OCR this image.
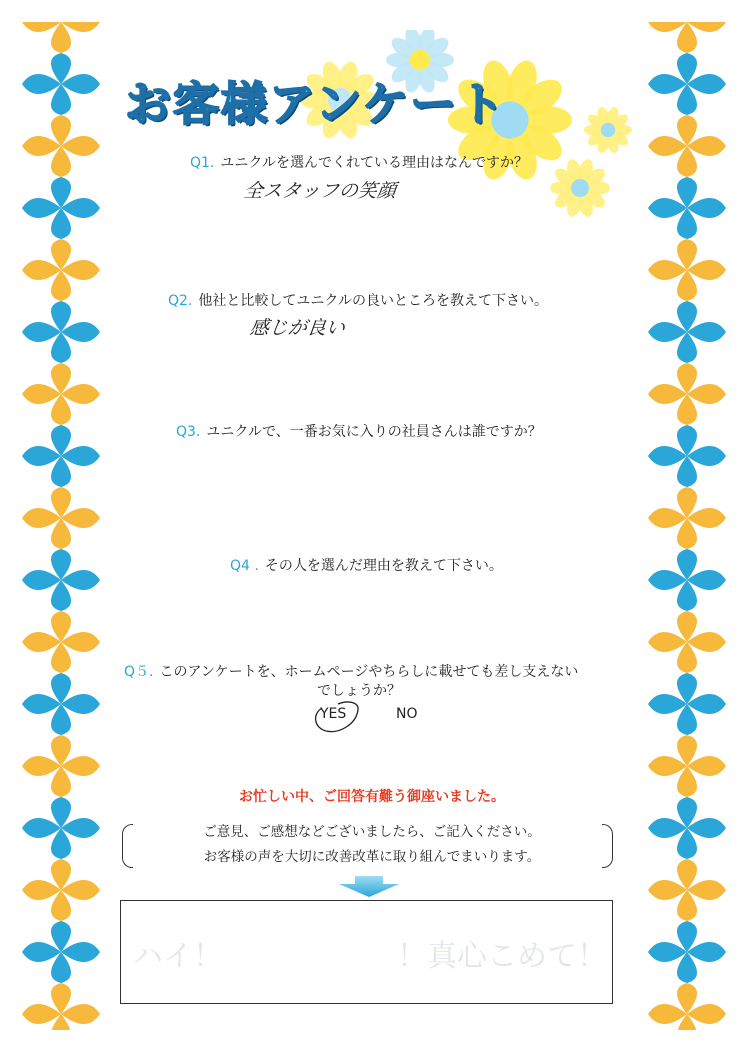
お客様アンケート
Q1. ユニクルを選んでくれている理由はなんですか？
全スタッフの笑顔
Q2. 他社と比較してユニクルの良いところを教えて下さい。
感じが良い
Q3. ユニクルで、一番お気に入りの社員さんは誰ですか？
Q4 . その人を選んだ理由を教えて下さい。
Q５. このアンケートを、ホームページやちらしに載せても差し支えない
でしょうか？
YES	NO
お忙しい中、ご回答有難う御座いました。
ご意見、ご感想などございましたら、ご記入ください。
お客様の声を大切に改善改革に取り組んでまいります。
ハイ！	！真心こめて！
